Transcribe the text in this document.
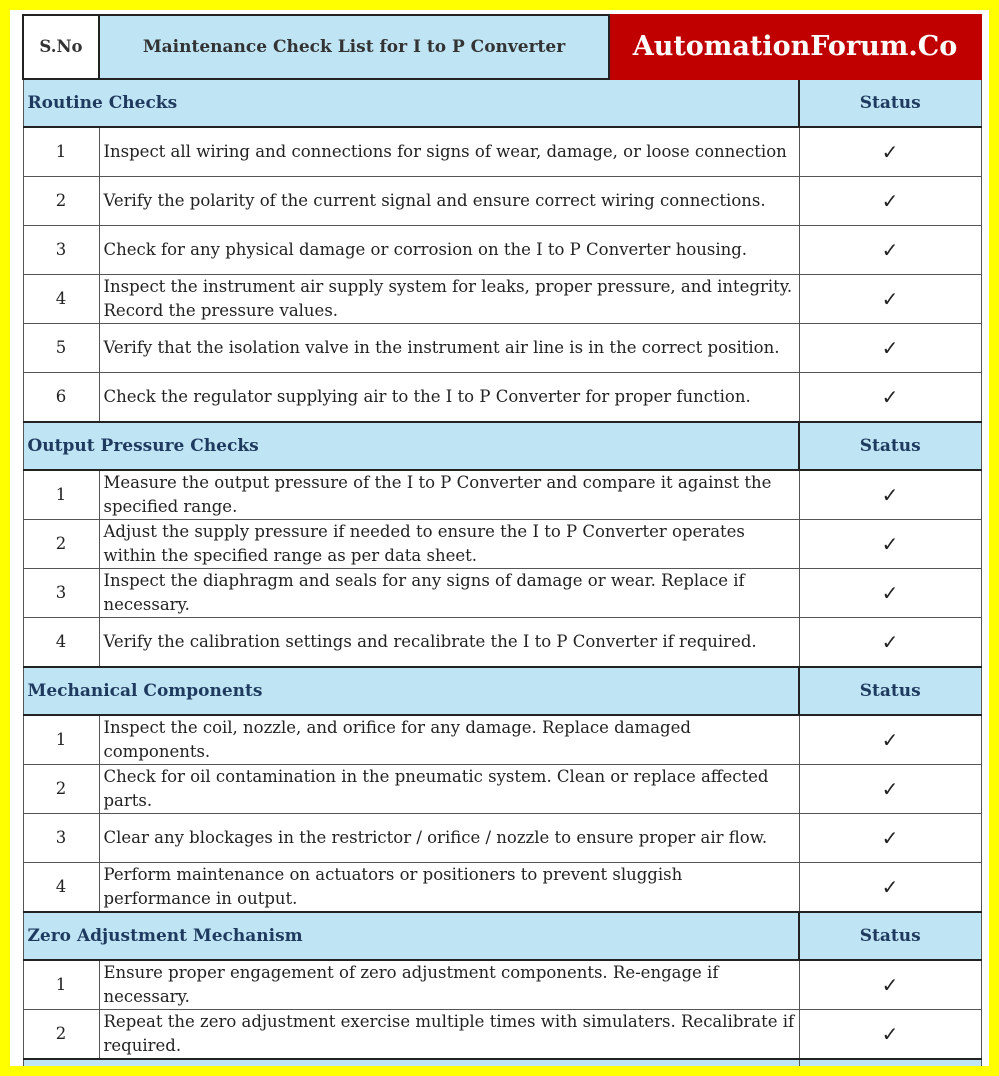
S.No	Maintenance Check List for I to P Converter	AutomationForum.Co	
Routine Checks			Status
1	Inspect all wiring and connections for signs of wear, damage, or loose connection		✓
2	Verify the polarity of the current signal and ensure correct wiring connections.		✓
3	Check for any physical damage or corrosion on the I to P Converter housing.		✓
4	Inspect the instrument air supply system for leaks, proper pressure, and integrity. Record the pressure values.		✓
5	Verify that the isolation valve in the instrument air line is in the correct position.		✓
6	Check the regulator supplying air to the I to P Converter for proper function.		✓
Output Pressure Checks			Status
1	Measure the output pressure of the I to P Converter and compare it against the specified range.		✓
2	Adjust the supply pressure if needed to ensure the I to P Converter operates within the specified range as per data sheet.		✓
3	Inspect the diaphragm and seals for any signs of damage or wear. Replace if necessary.		✓
4	Verify the calibration settings and recalibrate the I to P Converter if required.		✓
Mechanical Components			Status
1	Inspect the coil, nozzle, and orifice for any damage. Replace damaged components.		✓
2	Check for oil contamination in the pneumatic system. Clean or replace affected parts.		✓
3	Clear any blockages in the restrictor / orifice / nozzle to ensure proper air flow.		✓
4	Perform maintenance on actuators or positioners to prevent sluggish performance in output.		✓
Zero Adjustment Mechanism			Status
1	Ensure proper engagement of zero adjustment components. Re-engage if necessary.		✓
2	Repeat the zero adjustment exercise multiple times with simulaters. Recalibrate if required.		✓
